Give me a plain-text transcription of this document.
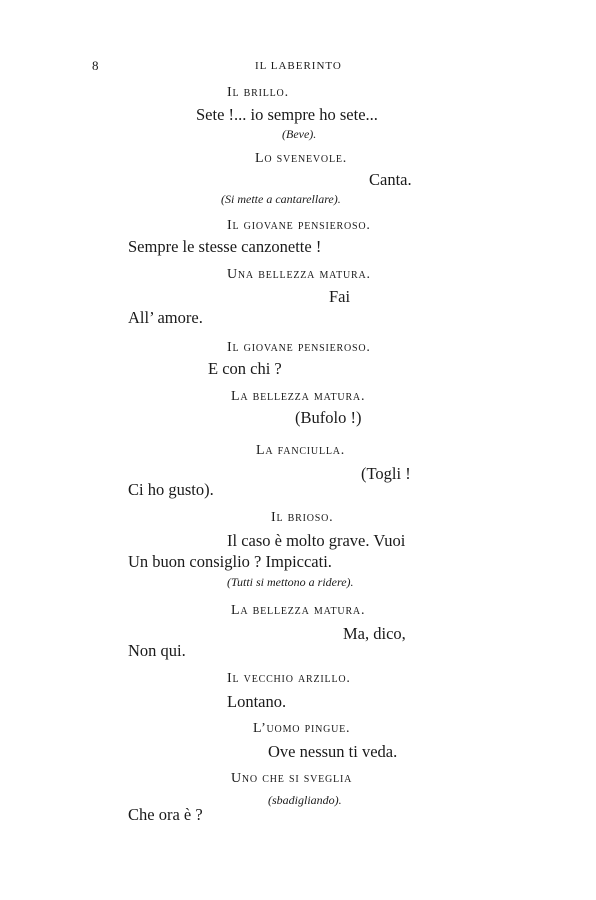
8	IL LABERINTO
Il brillo.
Sete !... io sempre ho sete...
(Beve).
Lo svenevole.
Canta.
(Si mette a cantarellare).
Il giovane pensieroso.
Sempre le stesse canzonette !
Una bellezza matura.
Fai
All’ amore.
Il giovane pensieroso.
E con chi ?
La bellezza matura.
(Bufolo !)
La fanciulla.
(Togli !
Ci ho gusto).
Il brioso.
Il caso è molto grave. Vuoi
Un buon consiglio ? Impiccati.
(Tutti si mettono a ridere).
La bellezza matura.
Ma, dico,
Non qui.
Il vecchio arzillo.
Lontano.
L’uomo pingue.
Ove nessun ti veda.
Uno che si sveglia
(sbadigliando).
Che ora è ?
